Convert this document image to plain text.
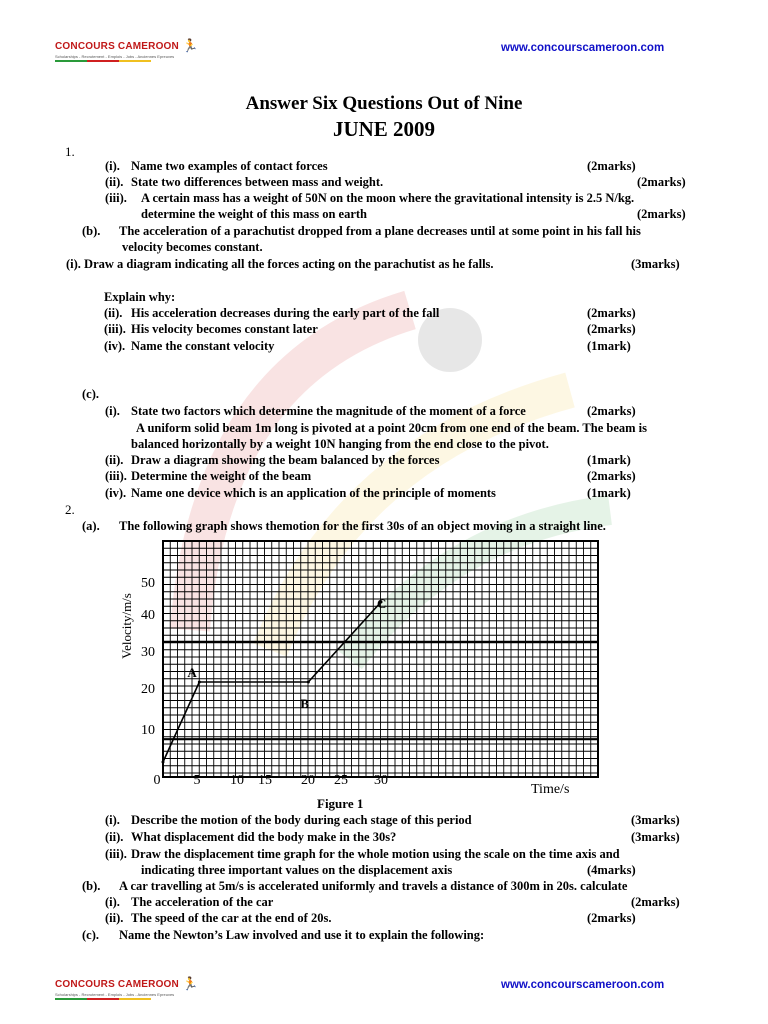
CONCOURS CAMEROON 🏃
Scholarships - Recrutement - Emplois - Jobs - Anciennes Epreuves
www.concourscameroon.com
Answer Six Questions Out of Nine
JUNE 2009
1.
(i). Name two examples of contact forces	(2marks)
(ii). State two differences between mass and weight.	(2marks)
(iii). A certain mass has a weight of 50N on the moon where the gravitational intensity is 2.5 N/kg.
determine the weight of this mass on earth	(2marks)
(b). The acceleration of a parachutist dropped from a plane decreases until at some point in his fall his
velocity becomes constant.
(i). Draw a diagram indicating all the forces acting on the parachutist as he falls.	(3marks)
Explain why:
(ii). His acceleration decreases during the early part of the fall	(2marks)
(iii). His velocity becomes constant later	(2marks)
(iv). Name the constant velocity	(1mark)
(c).
(i). State two factors which determine the magnitude of the moment of a force	(2marks)
A uniform solid beam 1m long is pivoted at a point 20cm from one end of the beam. The beam is
balanced horizontally by a weight 10N hanging from the end close to the pivot.
(ii). Draw a diagram showing the beam balanced by the forces	(1mark)
(iii). Determine the weight of the beam	(2marks)
(iv). Name one device which is an application of the principle of moments	(1mark)
2.
(a). The following graph shows themotion for the first 30s of an object moving in a straight line.
A
B
C
0 5 10 15 20 25 30
10
20
30
40
50
Velocity/m/s
Time/s
Figure 1
(i). Describe the motion of the body during each stage of this period	(3marks)
(ii). What displacement did the body make in the 30s?	(3marks)
(iii). Draw the displacement time graph for the whole motion using the scale on the time axis and
indicating three important values on the displacement axis	(4marks)
(b). A car travelling at 5m/s is accelerated uniformly and travels a distance of 300m in 20s. calculate
(i). The acceleration of the car	(2marks)
(ii). The speed of the car at the end of 20s.	(2marks)
(c). Name the Newton’s Law involved and use it to explain the following:
CONCOURS CAMEROON 🏃
Scholarships - Recrutement - Emplois - Jobs - Anciennes Epreuves
www.concourscameroon.com
